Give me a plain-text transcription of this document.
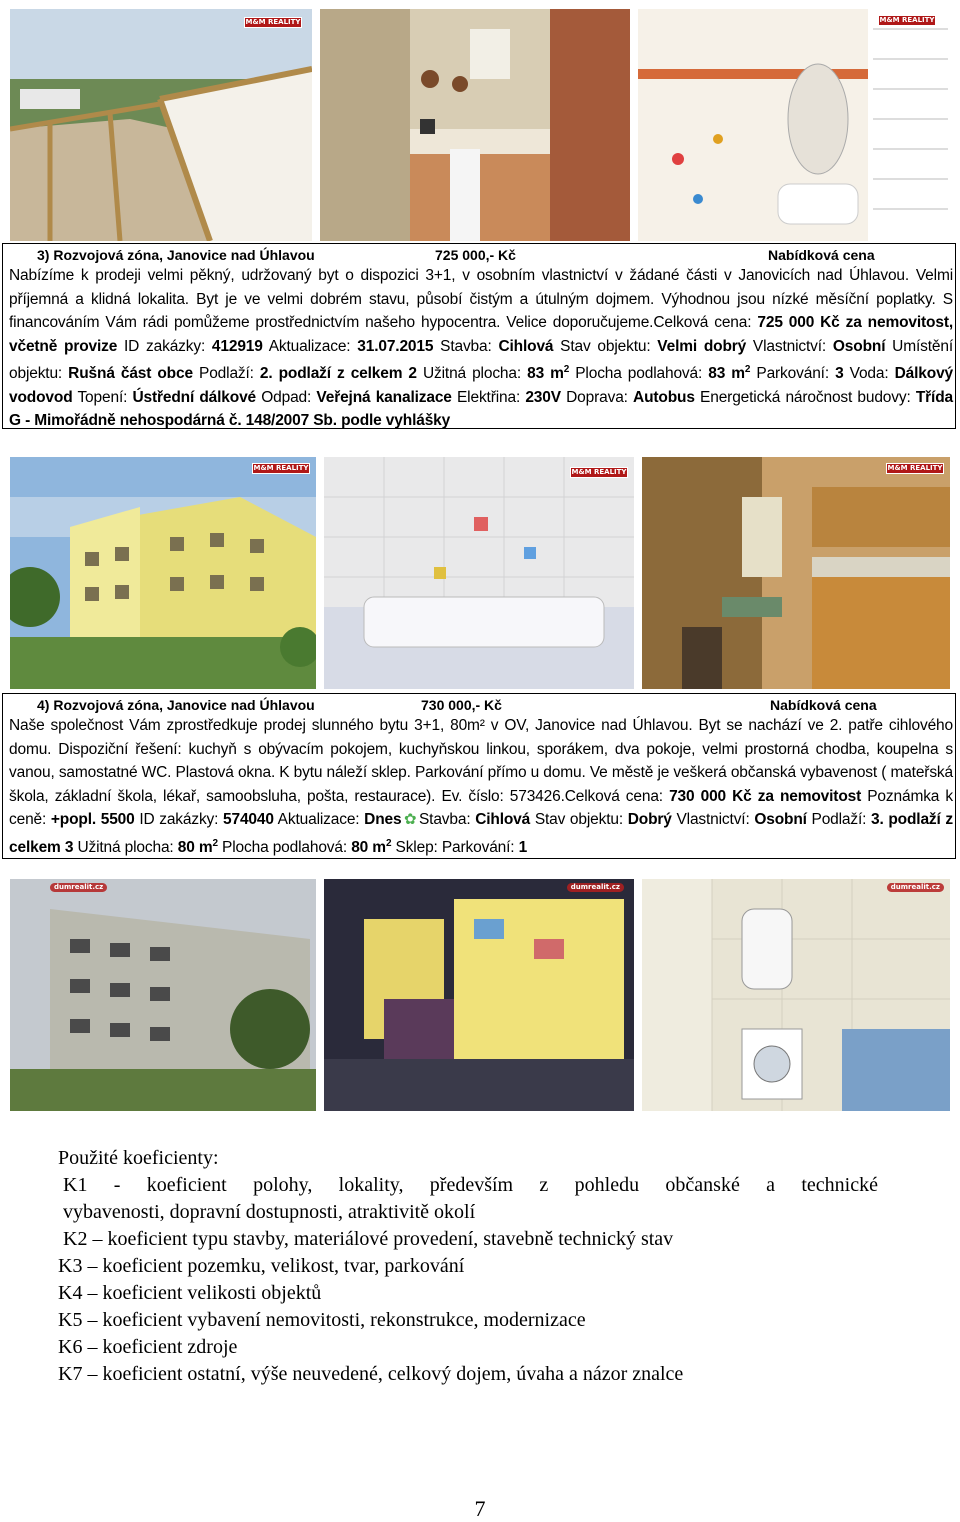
M&M REALITY	M&M REALITY
3) Rozvojová zóna, Janovice nad Úhlavou	725 000,- Kč	Nabídková cena

Nabízíme k prodeji velmi pěkný, udržovaný byt o dispozici 3+1, v osobním vlastnictví v žádané části v Janovicích nad Úhlavou. Velmi příjemná a klidná lokalita. Byt je ve velmi dobrém stavu, působí čistým a útulným dojmem. Výhodnou jsou nízké měsíční poplatky. S financováním Vám rádi pomůžeme prostřednictvím našeho hypocentra. Velice doporučujeme.Celková cena: 725 000 Kč za nemovitost, včetně provize ID zakázky: 412919 Aktualizace: 31.07.2015 Stavba: Cihlová Stav objektu: Velmi dobrý Vlastnictví: Osobní Umístění objektu: Rušná část obce Podlaží: 2. podlaží z celkem 2 Užitná plocha: 83 $m^2$ Plocha podlahová: 83 $m^2$ Parkování: 3 Voda: Dálkový vodovod Topení: Ústřední dálkové Odpad: Veřejná kanalizace Elektřina: 230V Doprava: Autobus Energetická náročnost budovy: Třída G - Mimořádně nehospodárná č. 148/2007 Sb. podle vyhlášky

M&M REALITY	M&M REALITY	M&M REALITY
4) Rozvojová zóna, Janovice nad Úhlavou	730 000,- Kč	Nabídková cena

Naše společnost Vám zprostředkuje prodej slunného bytu 3+1, 80m² v OV, Janovice nad Úhlavou. Byt se nachází ve 2. patře cihlového domu. Dispoziční řešení: kuchyň s obývacím pokojem, kuchyňskou linkou, sporákem, dva pokoje, velmi prostorná chodba, koupelna s vanou, samostatné WC. Plastová okna. K bytu náleží sklep. Parkování přímo u domu. Ve městě je veškerá občanská vybavenost ( mateřská škola, základní škola, lékař, samoobsluha, pošta, restaurace). Ev. číslo: 573426.Celková cena: 730 000 Kč za nemovitost Poznámka k ceně: +popl. 5500 ID zakázky: 574040 Aktualizace: Dnes ✿ Stavba: Cihlová Stav objektu: Dobrý Vlastnictví: Osobní Podlaží: 3. podlaží z celkem 3 Užitná plocha: 80 $m^2$ Plocha podlahová: 80 $m^2$ Sklep: Parkování: 1

dumrealit.cz	dumrealit.cz	dumrealit.cz

Použité koeficienty:

K1 - koeficient polohy, lokality, především z pohledu občanské a technické

vybavenosti, dopravní dostupnosti, atraktivitě okolí

K2 – koeficient typu stavby, materiálové provedení, stavebně technický stav

K3 – koeficient pozemku, velikost, tvar, parkování

K4 – koeficient velikosti objektů

K5 – koeficient vybavení nemovitosti, rekonstrukce, modernizace

K6 – koeficient zdroje

K7 – koeficient ostatní, výše neuvedené, celkový dojem, úvaha a názor znalce

7
